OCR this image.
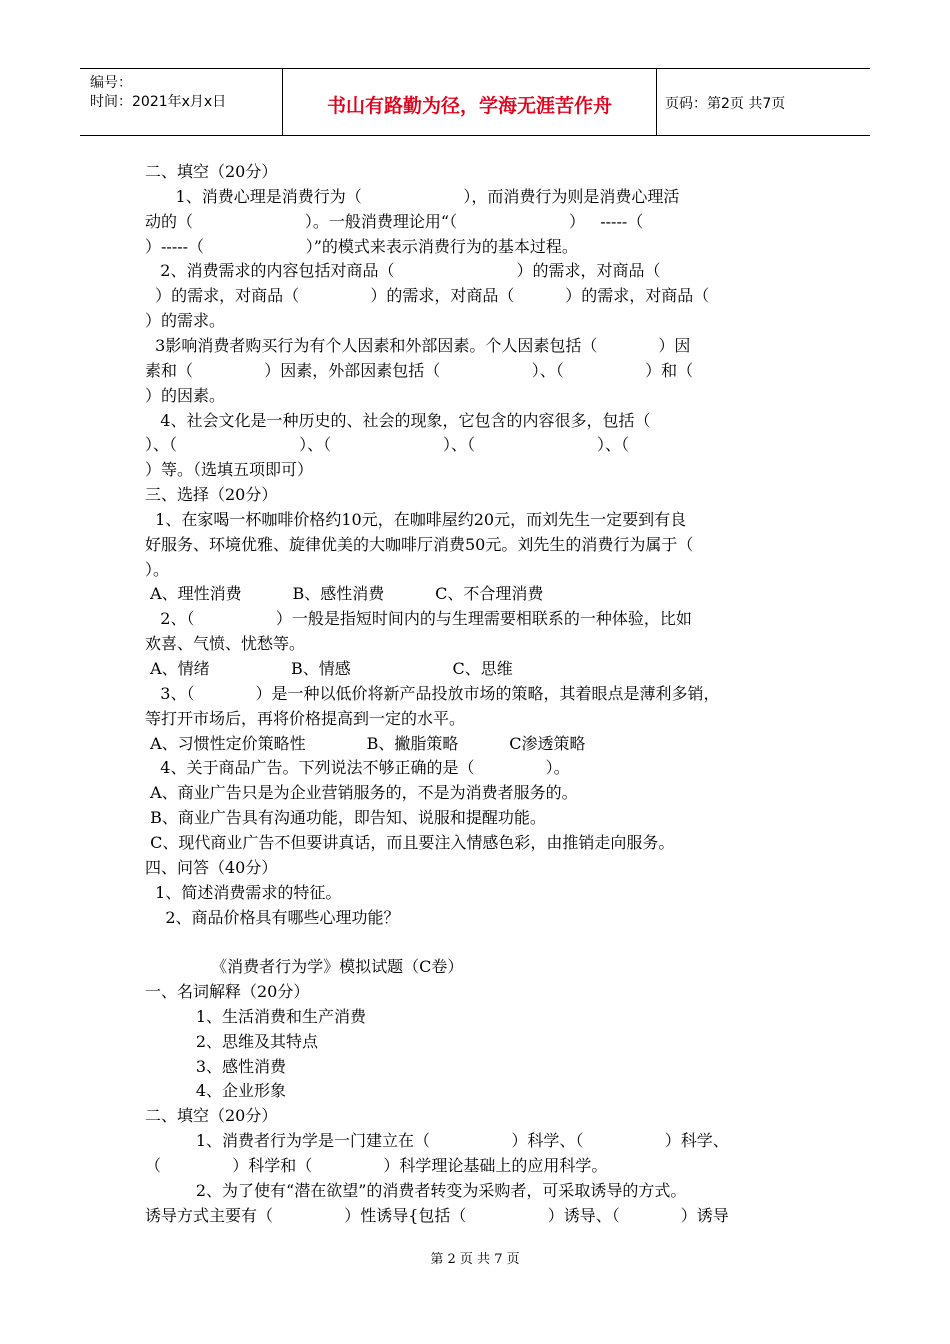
编号：
时间：2021年x月x日	书山有路勤为径，学海无涯苦作舟	页码：第2页 共7页
二、填空（20分）
1、消费心理是消费行为（                    ），而消费行为则是消费心理活
动的（                      ）。一般消费理论用“（                      ）   -----（
）-----（                    ）”的模式来表示消费行为的基本过程。
2、消费需求的内容包括对商品（                        ）的需求，对商品（
）的需求，对商品（              ）的需求，对商品（          ）的需求，对商品（
）的需求。
3影响消费者购买行为有个人因素和外部因素。个人因素包括（            ）因
素和（              ）因素，外部因素包括（                  ）、（                ）和（
）的因素。
4、社会文化是一种历史的、社会的现象，它包含的内容很多，包括（
）、（                        ）、（                      ）、（                        ）、（
）等。（选填五项即可）
三、选择（20分）
1、在家喝一杯咖啡价格约10元，在咖啡屋约20元，而刘先生一定要到有良
好服务、环境优雅、旋律优美的大咖啡厅消费50元。刘先生的消费行为属于（
）。
A、理性消费          B、感性消费          C、不合理消费
2、（                ）一般是指短时间内的与生理需要相联系的一种体验，比如
欢喜、气愤、忧愁等。
A、情绪                B、情感                    C、思维
3、（            ）是一种以低价将新产品投放市场的策略，其着眼点是薄利多销，
等打开市场后，再将价格提高到一定的水平。
A、习惯性定价策略性            B、撇脂策略          C渗透策略
4、关于商品广告。下列说法不够正确的是（              ）。
A、商业广告只是为企业营销服务的，不是为消费者服务的。
B、商业广告具有沟通功能，即告知、说服和提醒功能。
C、现代商业广告不但要讲真话，而且要注入情感色彩，由推销走向服务。
四、问答（40分）
1、简述消费需求的特征。
2、商品价格具有哪些心理功能？
《消费者行为学》模拟试题（C卷）
一、名词解释（20分）
1、生活消费和生产消费
2、思维及其特点
3、感性消费
4、企业形象
二、填空（20分）
1、消费者行为学是一门建立在（                ）科学、（                ）科学、
（              ）科学和（              ）科学理论基础上的应用科学。
2、为了使有“潜在欲望”的消费者转变为采购者，可采取诱导的方式。
诱导方式主要有（              ）性诱导{包括（                ）诱导、（            ）诱导
第 2 页 共 7 页
